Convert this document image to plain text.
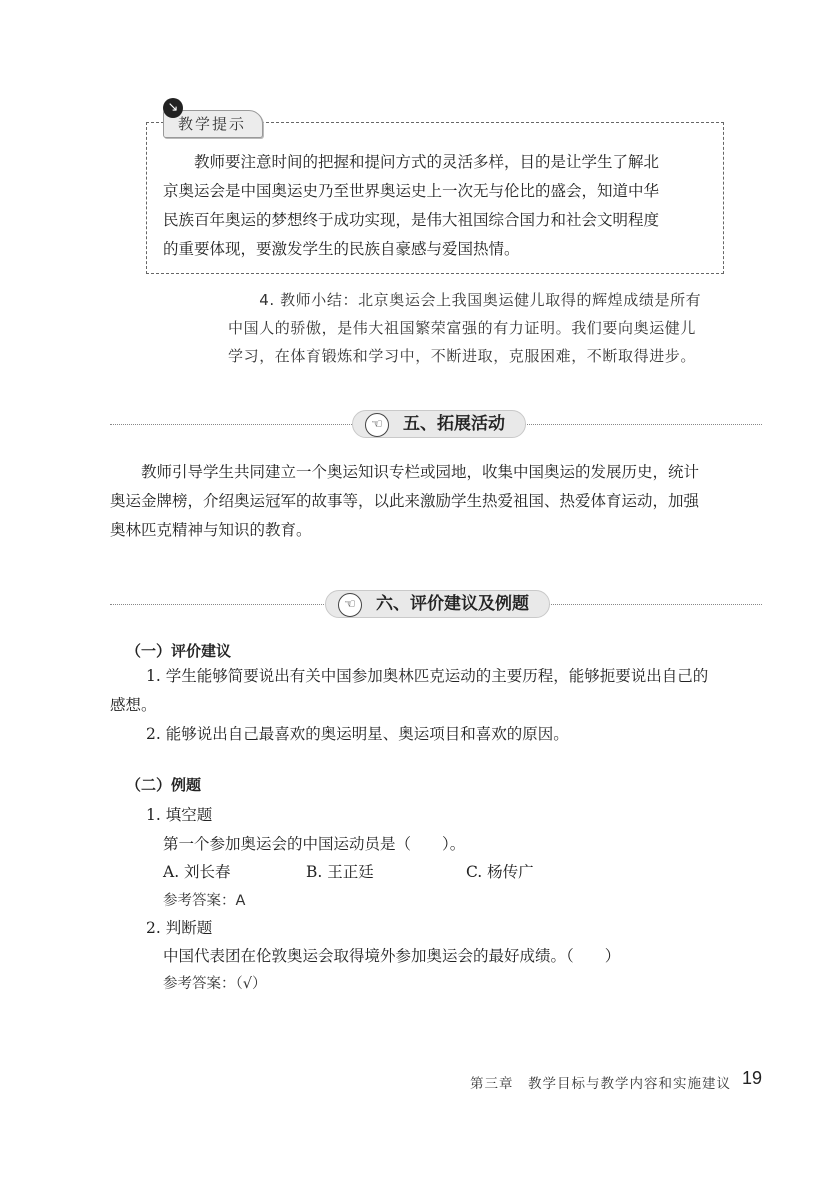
教学提示
↘

　　教师要注意时间的把握和提问方式的灵活多样，目的是让学生了解北

京奥运会是中国奥运史乃至世界奥运史上一次无与伦比的盛会，知道中华

民族百年奥运的梦想终于成功实现，是伟大祖国综合国力和社会文明程度

的重要体现，要激发学生的民族自豪感与爱国热情。

　　4. 教师小结：北京奥运会上我国奥运健儿取得的辉煌成绩是所有

中国人的骄傲，是伟大祖国繁荣富强的有力证明。我们要向奥运健儿

学习，在体育锻炼和学习中，不断进取，克服困难，不断取得进步。

☜	五、拓展活动

　　教师引导学生共同建立一个奥运知识专栏或园地，收集中国奥运的发展历史，统计

奥运金牌榜，介绍奥运冠军的故事等，以此来激励学生热爱祖国、热爱体育运动，加强

奥林匹克精神与知识的教育。

☜	六、评价建议及例题
（一）评价建议
1. 学生能够简要说出有关中国参加奥林匹克运动的主要历程，能够扼要说出自己的
感想。
2. 能够说出自己最喜欢的奥运明星、奥运项目和喜欢的原因。
（二）例题
1. 填空题
第一个参加奥运会的中国运动员是（　　）。
A. 刘长春	B. 王正廷	C. 杨传广
参考答案：A
2. 判断题
中国代表团在伦敦奥运会取得境外参加奥运会的最好成绩。（　　）
参考答案：（√）
第三章　教学目标与教学内容和实施建议 19
